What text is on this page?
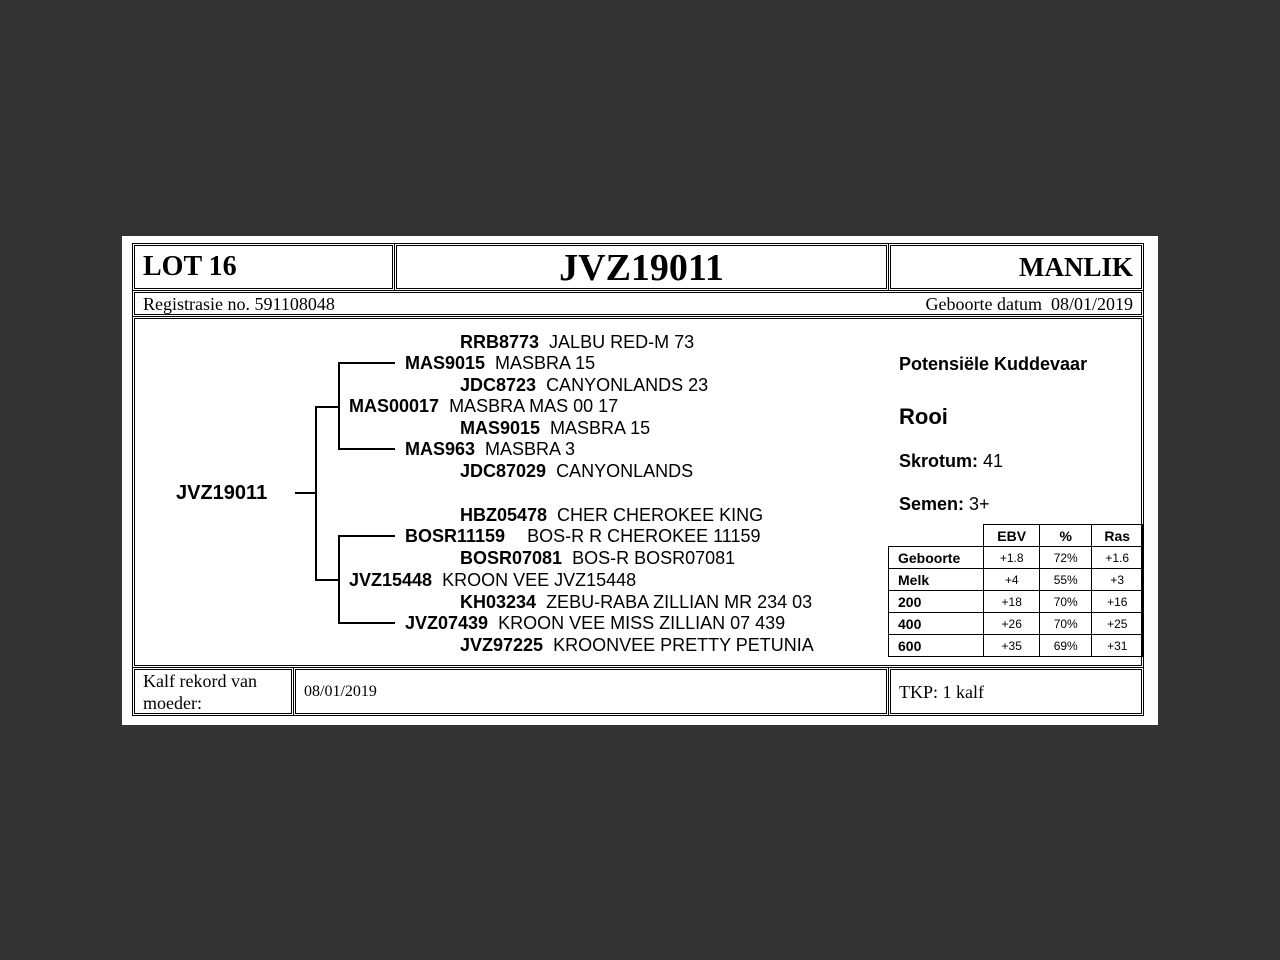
LOT 16	JVZ19011	MANLIK
Registrasie no. 591108048	Geboorte datum 08/01/2019
JVZ19011
RRB8773 JALBU RED-M 73
MAS9015 MASBRA 15
JDC8723 CANYONLANDS 23
MAS00017 MASBRA MAS 00 17
MAS9015 MASBRA 15
MAS963 MASBRA 3
JDC87029 CANYONLANDS
HBZ05478 CHER CHEROKEE KING
BOSR11159 BOS-R R CHEROKEE 11159
BOSR07081 BOS-R BOSR07081
JVZ15448 KROON VEE JVZ15448
KH03234 ZEBU-RABA ZILLIAN MR 234 03
JVZ07439 KROON VEE MISS ZILLIAN 07 439
JVZ97225 KROONVEE PRETTY PETUNIA
Potensiële Kuddevaar
Rooi
Skrotum: 41
Semen: 3+
	EBV	%	Ras
Geboorte	+1.8	72%	+1.6
Melk	+4	55%	+3
200	+18	70%	+16
400	+26	70%	+25
600	+35	69%	+31
Kalf rekord van
moeder:
08/01/2019	TKP: 1 kalf
